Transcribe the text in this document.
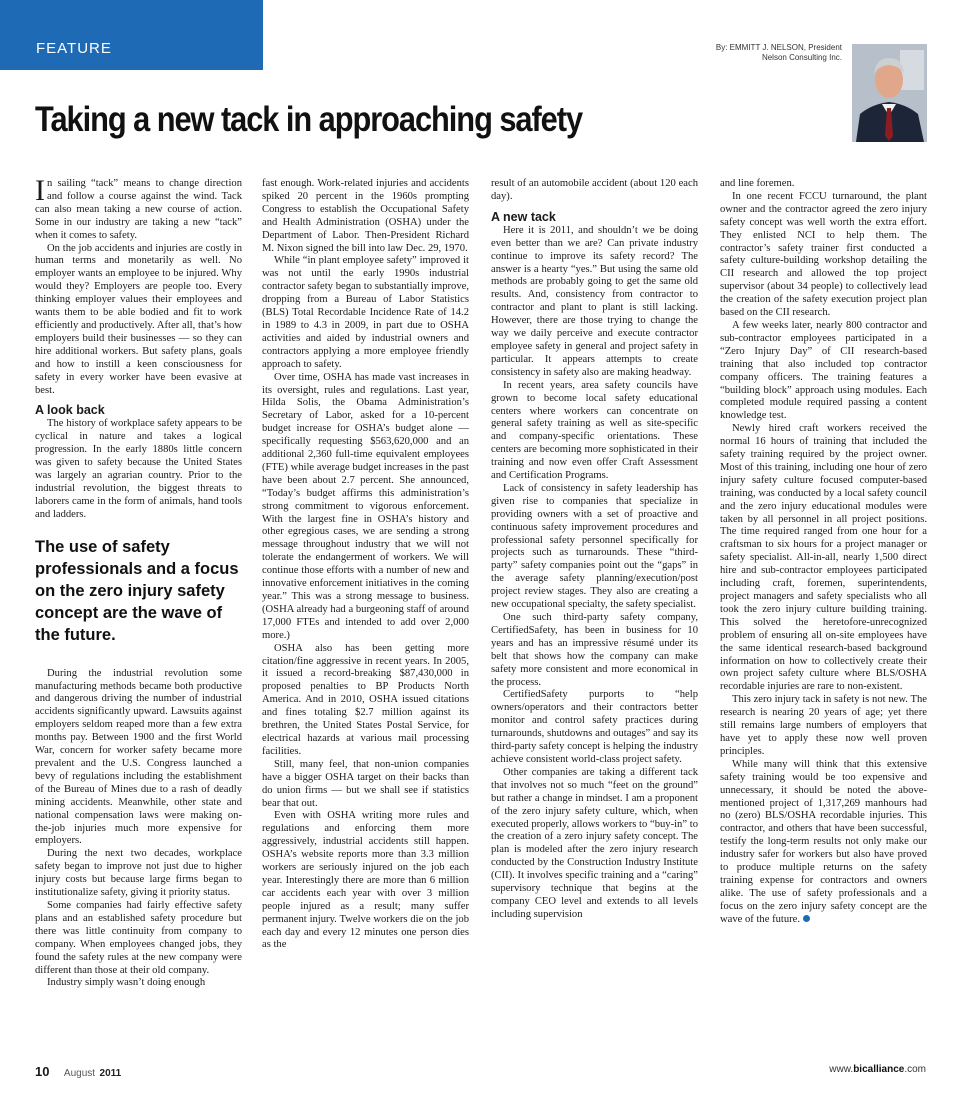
FEATURE	By: EMMITT J. NELSON, President
Nelson Consulting Inc.
Taking a new tack in approaching safety

In sailing “tack” means to change direction and follow a course against the wind. Tack can also mean taking a new course of action. Some in our industry are taking a new “tack” when it comes to safety.

On the job accidents and injuries are costly in human terms and monetarily as well. No employer wants an employee to be injured. Why would they? Employers are people too. Every thinking employer values their employees and wants them to be able bodied and fit to work efficiently and productively. After all, that’s how employers build their businesses — so they can hire additional workers. But safety plans, goals and how to instill a keen consciousness for safety in every worker have been evasive at best.

A look back

The history of workplace safety appears to be cyclical in nature and takes a logical progression. In the early 1880s little concern was given to safety because the United States was largely an agrarian country. Prior to the industrial revolution, the biggest threats to laborers came in the form of animals, hand tools and ladders.

The use of safety professionals and a focus on the zero injury safety concept are the wave of the future.

During the industrial revolution some manufacturing methods became both productive and dangerous driving the number of industrial accidents significantly upward. Lawsuits against employers seldom reaped more than a few extra months pay. Between 1900 and the first World War, concern for worker safety became more prevalent and the U.S. Congress launched a bevy of regulations including the establishment of the Bureau of Mines due to a rash of deadly mining accidents. Meanwhile, other state and national compensation laws were making on-the-job injuries much more expensive for employers.

During the next two decades, workplace safety began to improve not just due to higher injury costs but because large firms began to institutionalize safety, giving it priority status.

Some companies had fairly effective safety plans and an established safety procedure but there was little continuity from company to company. When employees changed jobs, they found the safety rules at the new company were different than those at their old company.

Industry simply wasn’t doing enough

fast enough. Work-related injuries and accidents spiked 20 percent in the 1960s prompting Congress to establish the Occupational Safety and Health Administration (OSHA) under the Department of Labor. Then-President Richard M. Nixon signed the bill into law Dec. 29, 1970.

While “in plant employee safety” improved it was not until the early 1990s industrial contractor safety began to substantially improve, dropping from a Bureau of Labor Statistics (BLS) Total Recordable Incidence Rate of 14.2 in 1989 to 4.3 in 2009, in part due to OSHA activities and aided by industrial owners and contractors applying a more employee friendly approach to safety.

Over time, OSHA has made vast increases in its oversight, rules and regulations. Last year, Hilda Solis, the Obama Administration’s Secretary of Labor, asked for a 10-percent budget increase for OSHA’s budget alone — specifically requesting $563,620,000 and an additional 2,360 full-time equivalent employees (FTE) while average budget increases in the past have been about 2.7 percent. She announced, “Today’s budget affirms this administration’s strong commitment to vigorous enforcement. With the largest fine in OSHA’s history and other egregious cases, we are sending a strong message throughout industry that we will not tolerate the endangerment of workers. We will continue those efforts with a number of new and innovative enforcement initiatives in the coming year.” This was a strong message to business. (OSHA already had a burgeoning staff of around 17,000 FTEs and intended to add over 2,000 more.)

OSHA also has been getting more citation/fine aggressive in recent years. In 2005, it issued a record-breaking $87,430,000 in proposed penalties to BP Products North America. And in 2010, OSHA issued citations and fines totaling $2.7 million against its brethren, the United States Postal Service, for electrical hazards at various mail processing facilities.

Still, many feel, that non-union companies have a bigger OSHA target on their backs than do union firms — but we shall see if statistics bear that out.

Even with OSHA writing more rules and regulations and enforcing them more aggressively, industrial accidents still happen. OSHA’s website reports more than 3.3 million workers are seriously injured on the job each year. Interestingly there are more than 6 million car accidents each year with over 3 million people injured as a result; many suffer permanent injury. Twelve workers die on the job each day and every 12 minutes one person dies as the

result of an automobile accident (about 120 each day).

A new tack

Here it is 2011, and shouldn’t we be doing even better than we are? Can private industry continue to improve its safety record? The answer is a hearty “yes.” But using the same old methods are probably going to get the same old results. And, consistency from contractor to contractor and plant to plant is still lacking. However, there are those trying to change the way we daily perceive and execute contractor employee safety in general and project safety in particular. It appears attempts to create consistency in safety also are making headway.

In recent years, area safety councils have grown to become local safety educational centers where workers can concentrate on general safety training as well as site-specific and company-specific orientations. These centers are becoming more sophisticated in their training and now even offer Craft Assessment and Certification Programs.

Lack of consistency in safety leadership has given rise to companies that specialize in providing owners with a set of proactive and continuous safety improvement procedures and professional safety personnel specifically for projects such as turnarounds. These “third-party” safety companies point out the “gaps” in the average safety planning/execution/post project review stages. They also are creating a new occupational specialty, the safety specialist.

One such third-party safety company, CertifiedSafety, has been in business for 10 years and has an impressive résumé under its belt that shows how the company can make safety more consistent and more economical in the process.

CertifiedSafety purports to “help owners/operators and their contractors better monitor and control safety practices during turnarounds, shutdowns and outages” and say its third-party safety concept is helping the industry achieve consistent world-class project safety.

Other companies are taking a different tack that involves not so much “feet on the ground” but rather a change in mindset. I am a proponent of the zero injury safety culture, which, when executed properly, allows workers to “buy-in” to the creation of a zero injury safety concept. The plan is modeled after the zero injury research conducted by the Construction Industry Institute (CII). It involves specific training and a “caring” supervisory technique that begins at the company CEO level and extends to all levels including supervision

and line foremen.

In one recent FCCU turnaround, the plant owner and the contractor agreed the zero injury safety concept was well worth the extra effort. They enlisted NCI to help them. The contractor’s safety trainer first conducted a safety culture-building workshop detailing the CII research and allowed the top project supervisor (about 34 people) to collectively lead the creation of the safety execution project plan based on the CII research.

A few weeks later, nearly 800 contractor and sub-contractor employees participated in a “Zero Injury Day” of CII research-based training that also included top contractor company officers. The training features a “building block” approach using modules. Each completed module required passing a content knowledge test.

Newly hired craft workers received the normal 16 hours of training that included the safety training required by the project owner. Most of this training, including one hour of zero injury safety culture focused computer-based training, was conducted by a local safety council and the zero injury educational modules were taken by all personnel in all project positions. The time required ranged from one hour for a craftsman to six hours for a project manager or safety specialist. All-in-all, nearly 1,500 direct hire and sub-contractor employees participated including craft, foremen, superintendents, project managers and safety specialists who all took the zero injury culture building training. This solved the heretofore-unrecognized problem of ensuring all on-site employees have the same identical research-based background information on how to collectively create their own project safety culture where BLS/OSHA recordable injuries are rare to non-existent.

This zero injury tack in safety is not new. The research is nearing 20 years of age; yet there still remains large numbers of employers that have yet to apply these now well proven principles.

While many will think that this extensive safety training would be too expensive and unnecessary, it should be noted the above-mentioned project of 1,317,269 manhours had no (zero) BLS/OSHA recordable injuries. This contractor, and others that have been successful, testify the long-term results not only make our industry safer for workers but also have proved to produce multiple returns on the safety training expense for contractors and owners alike. The use of safety professionals and a focus on the zero injury safety concept are the wave of the future.

10 August 2011	www.bicalliance.com
